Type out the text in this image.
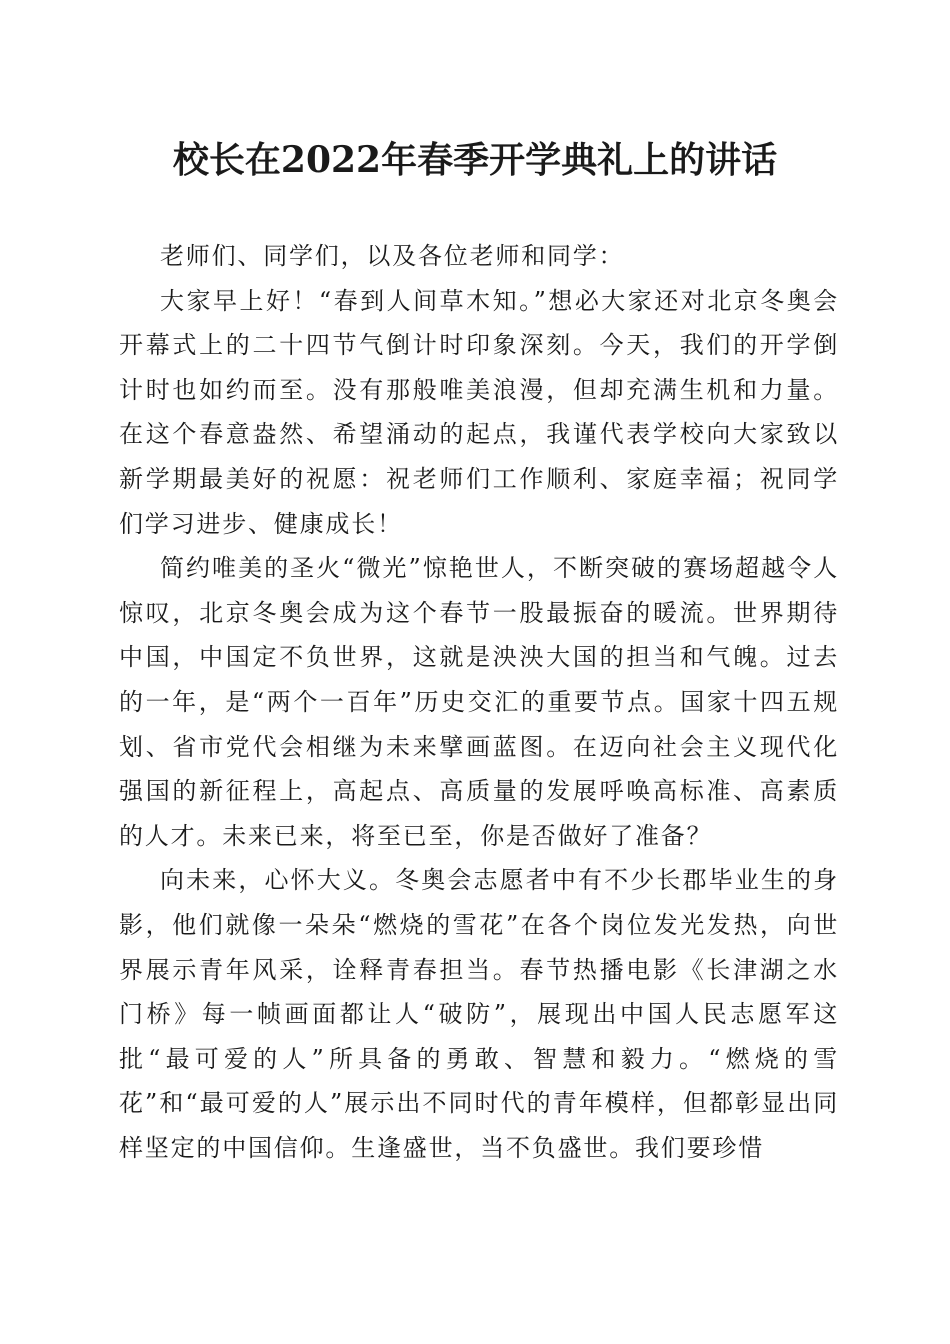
校长在2022年春季开学典礼上的讲话

老师们、同学们，以及各位老师和同学：

大家早上好！“春到人间草木知。”想必大家还对北京冬奥会开幕式上的二十四节气倒计时印象深刻。今天，我们的开学倒计时也如约而至。没有那般唯美浪漫，但却充满生机和力量。在这个春意盎然、希望涌动的起点，我谨代表学校向大家致以新学期最美好的祝愿：祝老师们工作顺利、家庭幸福；祝同学们学习进步、健康成长！

简约唯美的圣火“微光”惊艳世人，不断突破的赛场超越令人惊叹，北京冬奥会成为这个春节一股最振奋的暖流。世界期待中国，中国定不负世界，这就是泱泱大国的担当和气魄。过去的一年，是“两个一百年”历史交汇的重要节点。国家十四五规划、省市党代会相继为未来擘画蓝图。在迈向社会主义现代化强国的新征程上，高起点、高质量的发展呼唤高标准、高素质的人才。未来已来，将至已至，你是否做好了准备？

向未来，心怀大义。冬奥会志愿者中有不少长郡毕业生的身影，他们就像一朵朵“燃烧的雪花”在各个岗位发光发热，向世界展示青年风采，诠释青春担当。春节热播电影《长津湖之水门桥》每一帧画面都让人“破防”，展现出中国人民志愿军这批“最可爱的人”所具备的勇敢、智慧和毅力。“燃烧的雪花”和“最可爱的人”展示出不同时代的青年模样，但都彰显出同样坚定的中国信仰。生逢盛世，当不负盛世。我们要珍惜
